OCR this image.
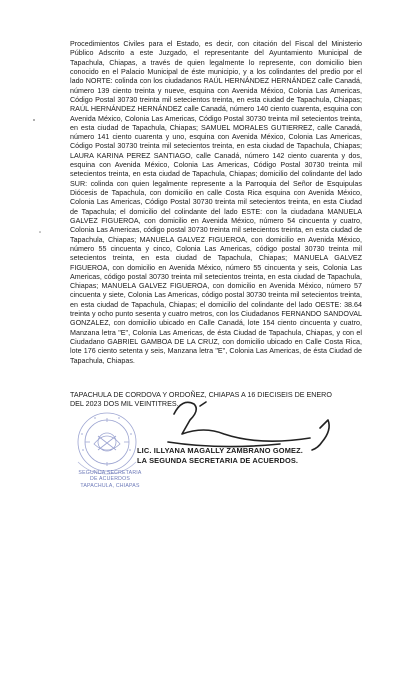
Procedimientos Civiles para el Estado, es decir, con citación del Fiscal del Ministerio Público Adscrito a este Juzgado, el representante del Ayuntamiento Municipal de Tapachula, Chiapas, a través de quien legalmente lo represente, con domicilio bien conocido en el Palacio Municipal de éste municipio, y a los colindantes del predio por el lado NORTE: colinda con los ciudadanos RAÚL HERNÁNDEZ HERNÁNDEZ calle Canadá, número 139 ciento treinta y nueve, esquina con Avenida México, Colonia Las Americas, Código Postal 30730 treinta mil setecientos treinta, en esta ciudad de Tapachula, Chiapas; RAÚL HERNÁNDEZ HERNÁNDEZ calle Canadá, número 140 ciento cuarenta, esquina con Avenida México, Colonia Las Americas, Código Postal 30730 treinta mil setecientos treinta, en esta ciudad de Tapachula, Chiapas; SAMUEL MORALES GUTIERREZ, calle Canadá, número 141 ciento cuarenta y uno, esquina con Avenida México, Colonia Las Americas, Código Postal 30730 treinta mil setecientos treinta, en esta ciudad de Tapachula, Chiapas; LAURA KARINA PEREZ SANTIAGO, calle Canadá, número 142 ciento cuarenta y dos, esquina con Avenida México, Colonia Las Americas, Código Postal 30730 treinta mil setecientos treinta, en esta ciudad de Tapachula, Chiapas; domicilio del colindante del lado SUR: colinda con quien legalmente represente a la Parroquia del Señor de Esquipulas Diócesis de Tapachula, con domicilio en calle Costa Rica esquina con Avenida México, Colonia Las Americas, Código Postal 30730 treinta mil setecientos treinta, en esta Ciudad de Tapachula; el domicilio del colindante del lado ESTE: con la ciudadana MANUELA GALVEZ FIGUEROA, con domicilio en Avenida México, número 54 cincuenta y cuatro, Colonia Las Americas, código postal 30730 treinta mil setecientos treinta, en esta ciudad de Tapachula, Chiapas; MANUELA GALVEZ FIGUEROA, con domicilio en Avenida México, número 55 cincuenta y cinco, Colonia Las Americas, código postal 30730 treinta mil setecientos treinta, en esta ciudad de Tapachula, Chiapas; MANUELA GALVEZ FIGUEROA, con domicilio en Avenida México, número 55 cincuenta y seis, Colonia Las Americas, código postal 30730 treinta mil setecientos treinta, en esta ciudad de Tapachula, Chiapas; MANUELA GALVEZ FIGUEROA, con domicilio en Avenida México, número 57 cincuenta y siete, Colonia Las Americas, código postal 30730 treinta mil setecientos treinta, en esta ciudad de Tapachula, Chiapas; el domicilio del colindante del lado OESTE: 38.64 treinta y ocho punto sesenta y cuatro metros, con los Ciudadanos FERNANDO SANDOVAL GONZALEZ, con domicilio ubicado en Calle Canadá, lote 154 ciento cincuenta y cuatro, Manzana letra "E", Colonia Las Americas, de ésta Ciudad de Tapachula, Chiapas, y con el Ciudadano GABRIEL GAMBOA DE LA CRUZ, con domicilio ubicado en Calle Costa Rica, lote 176 ciento setenta y seis, Manzana letra "E", Colonia Las Americas, de ésta Ciudad de Tapachula, Chiapas.
TAPACHULA DE CORDOVA Y ORDOÑEZ, CHIAPAS A 16 DIECISEIS DE ENERO
DEL 2023 DOS MIL VEINTITRES.
SEGUNDA SECRETARIA
DE ACUERDOS
TAPACHULA, CHIAPAS
LIC. ILLYANA MAGALLY ZAMBRANO GOMEZ.
LA SEGUNDA SECRETARIA DE ACUERDOS.
